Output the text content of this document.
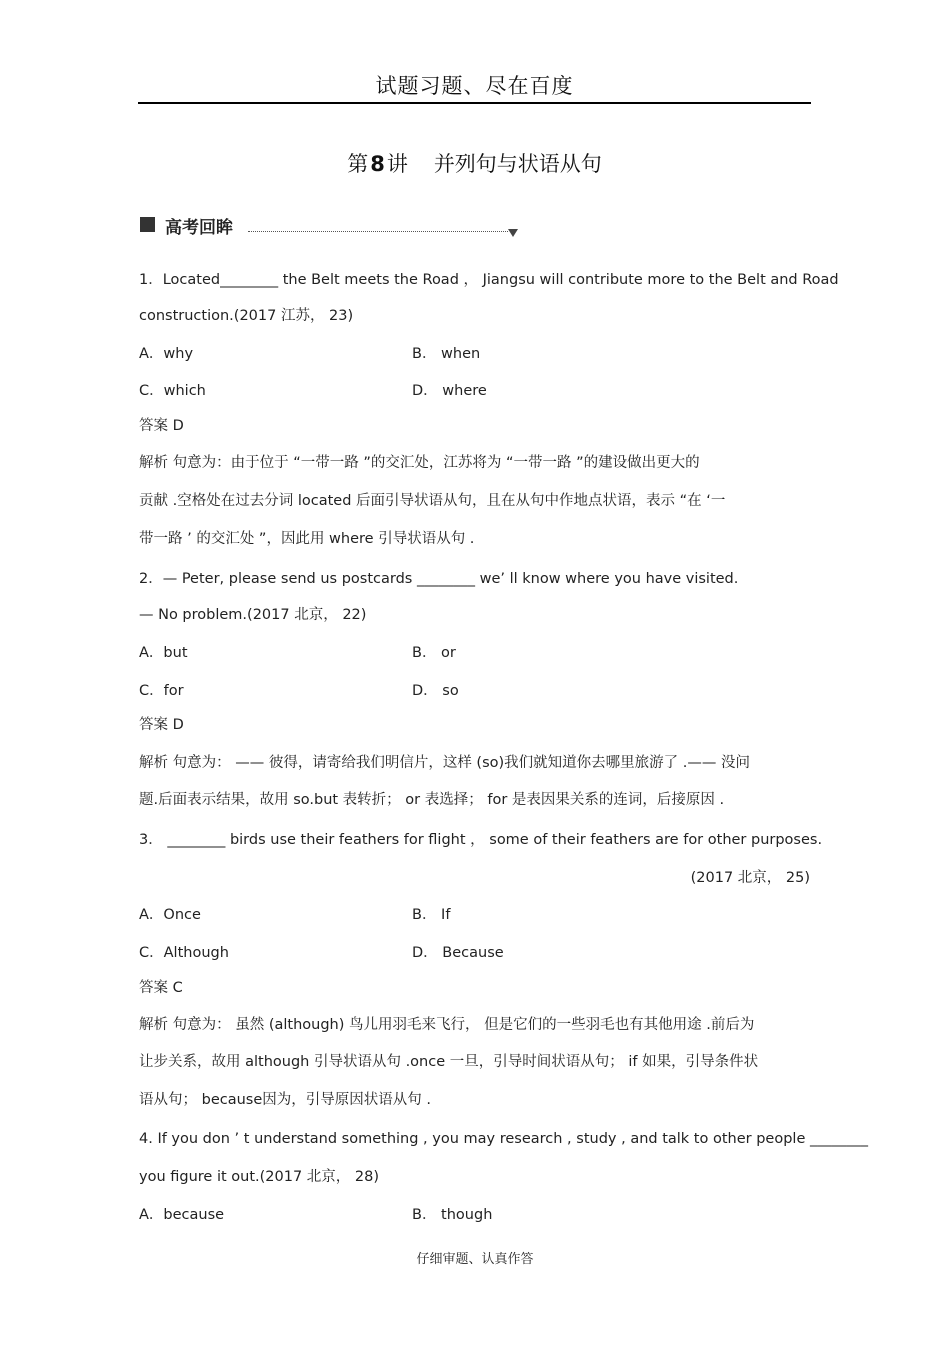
试题习题、尽在百度
第8讲 并列句与状语从句
高考回眸
1．Located________ the Belt meets the Road ， Jiangsu will contribute more to the Belt and Road
construction.(2017 江苏， 23)
A．why	B． when
C．which	D． where
答案 D
解析 句意为：由于位于 “一带一路 ”的交汇处，江苏将为 “一带一路 ”的建设做出更大的
贡献 .空格处在过去分词 located 后面引导状语从句，且在从句中作地点状语，表示 “在 ‘一
带一路 ’ 的交汇处 ”，因此用 where 引导状语从句 .
2．— Peter, please send us postcards ________ we’ ll know where you have visited.
— No problem.(2017 北京， 22)
A．but	B． or
C．for	D． so
答案 D
解析 句意为： —— 彼得，请寄给我们明信片，这样 (so)我们就知道你去哪里旅游了 .—— 没问
题.后面表示结果，故用 so.but 表转折； or 表选择； for 是表因果关系的连词，后接原因 .
3． ________ birds use their feathers for flight ， some of their feathers are for other purposes.
(2017 北京， 25)
A．Once	B． If
C．Although	D． Because
答案 C
解析 句意为： 虽然 (although) 鸟儿用羽毛来飞行， 但是它们的一些羽毛也有其他用途 .前后为
让步关系，故用 although 引导状语从句 .once 一旦，引导时间状语从句； if 如果，引导条件状
语从句； because因为，引导原因状语从句 .
4. If you don ’ t understand something , you may research , study , and talk to other people ________
you figure it out.(2017 北京， 28)
A．because	B． though
仔细审题、认真作答
